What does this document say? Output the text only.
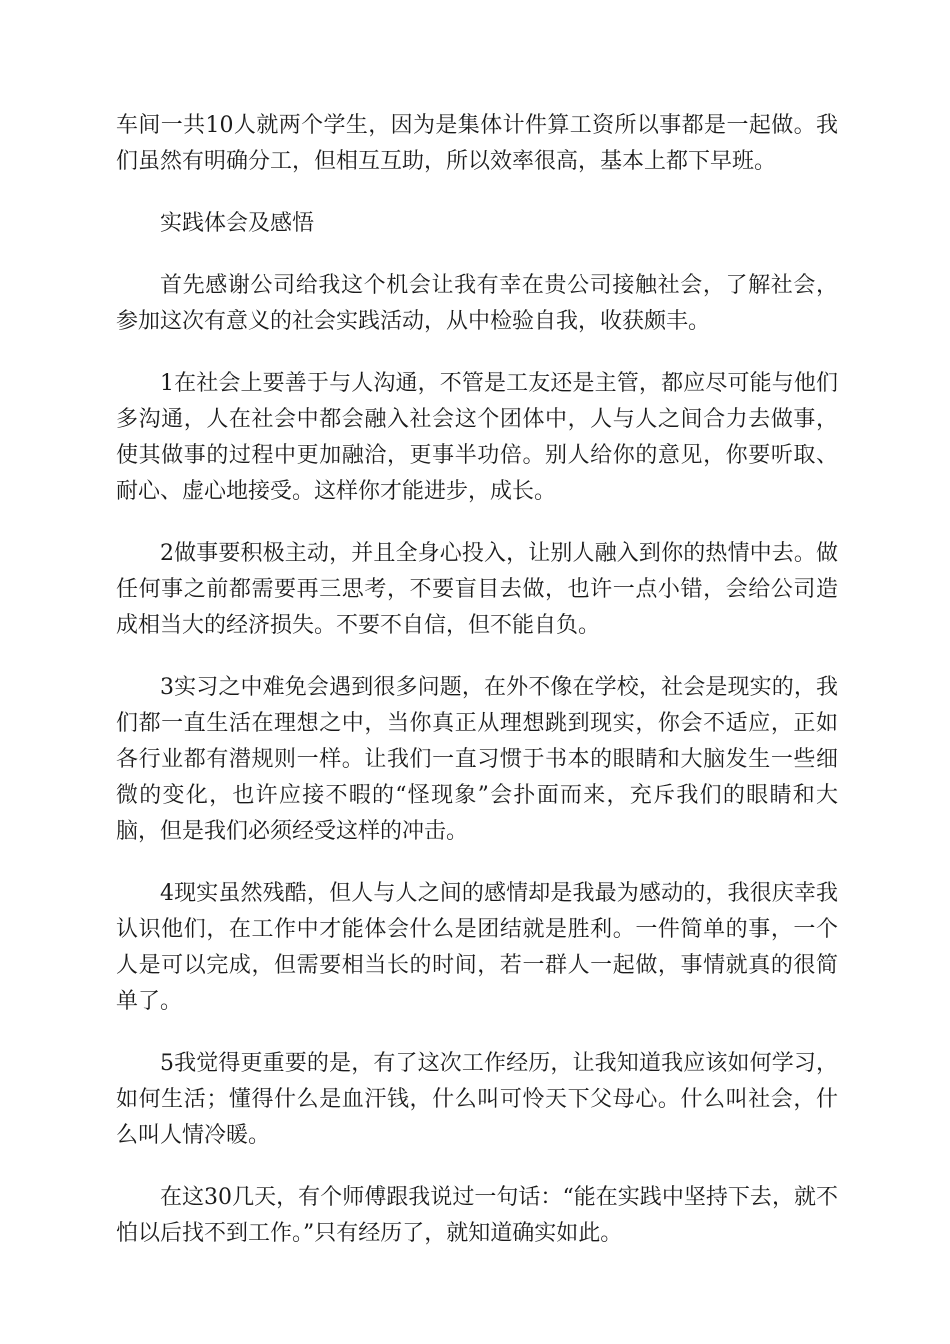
车间一共10人就两个学生，因为是集体计件算工资所以事都是一起做。我们虽然有明确分工，但相互互助，所以效率很高，基本上都下早班。

实践体会及感悟

首先感谢公司给我这个机会让我有幸在贵公司接触社会，了解社会，参加这次有意义的社会实践活动，从中检验自我，收获颇丰。

1在社会上要善于与人沟通，不管是工友还是主管，都应尽可能与他们多沟通，人在社会中都会融入社会这个团体中，人与人之间合力去做事，使其做事的过程中更加融洽，更事半功倍。别人给你的意见，你要听取、耐心、虚心地接受。这样你才能进步，成长。

2做事要积极主动，并且全身心投入，让别人融入到你的热情中去。做任何事之前都需要再三思考，不要盲目去做，也许一点小错，会给公司造成相当大的经济损失。不要不自信，但不能自负。

3实习之中难免会遇到很多问题，在外不像在学校，社会是现实的，我们都一直生活在理想之中，当你真正从理想跳到现实，你会不适应，正如各行业都有潜规则一样。让我们一直习惯于书本的眼睛和大脑发生一些细微的变化，也许应接不暇的“怪现象”会扑面而来，充斥我们的眼睛和大脑，但是我们必须经受这样的冲击。

4现实虽然残酷，但人与人之间的感情却是我最为感动的，我很庆幸我认识他们，在工作中才能体会什么是团结就是胜利。一件简单的事，一个人是可以完成，但需要相当长的时间，若一群人一起做，事情就真的很简单了。

5我觉得更重要的是，有了这次工作经历，让我知道我应该如何学习，如何生活；懂得什么是血汗钱，什么叫可怜天下父母心。什么叫社会，什么叫人情冷暖。

在这30几天，有个师傅跟我说过一句话：“能在实践中坚持下去，就不怕以后找不到工作。”只有经历了，就知道确实如此。
